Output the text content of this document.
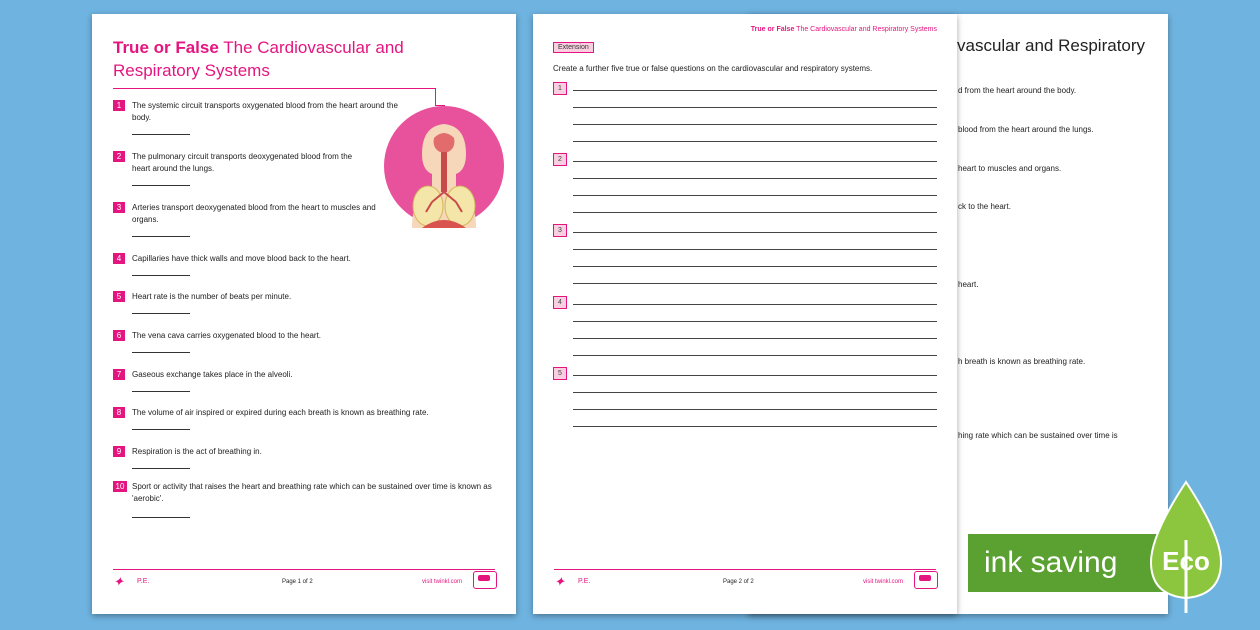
vascular and Respiratory
d from the heart around the body.
blood from the heart around the lungs.
heart to muscles and organs.
ck to the heart.
heart.
h breath is known as breathing rate.
hing rate which can be sustained over time is
True or False The Cardiovascular and Respiratory Systems
1	The systemic circuit transports oxygenated blood from the heart around the body.
2	The pulmonary circuit transports deoxygenated blood from the heart around the lungs.
3	Arteries transport deoxygenated blood from the heart to muscles and organs.
4	Capillaries have thick walls and move blood back to the heart.
5	Heart rate is the number of beats per minute.
6	The vena cava carries oxygenated blood to the heart.
7	Gaseous exchange takes place in the alveoli.
8	The volume of air inspired or expired during each breath is known as breathing rate.
9	Respiration is the act of breathing in.
10 Sport or activity that raises the heart and breathing rate which can be sustained over time is known as 'aerobic'.
✦ P.E.	Page 1 of 2	visit twinkl.com
True or False The Cardiovascular and Respiratory Systems
Extension
Create a further five true or false questions on the cardiovascular and respiratory systems.
1
2
3
4
5
✦ P.E.	Page 2 of 2	visit twinkl.com
ink saving Eco
